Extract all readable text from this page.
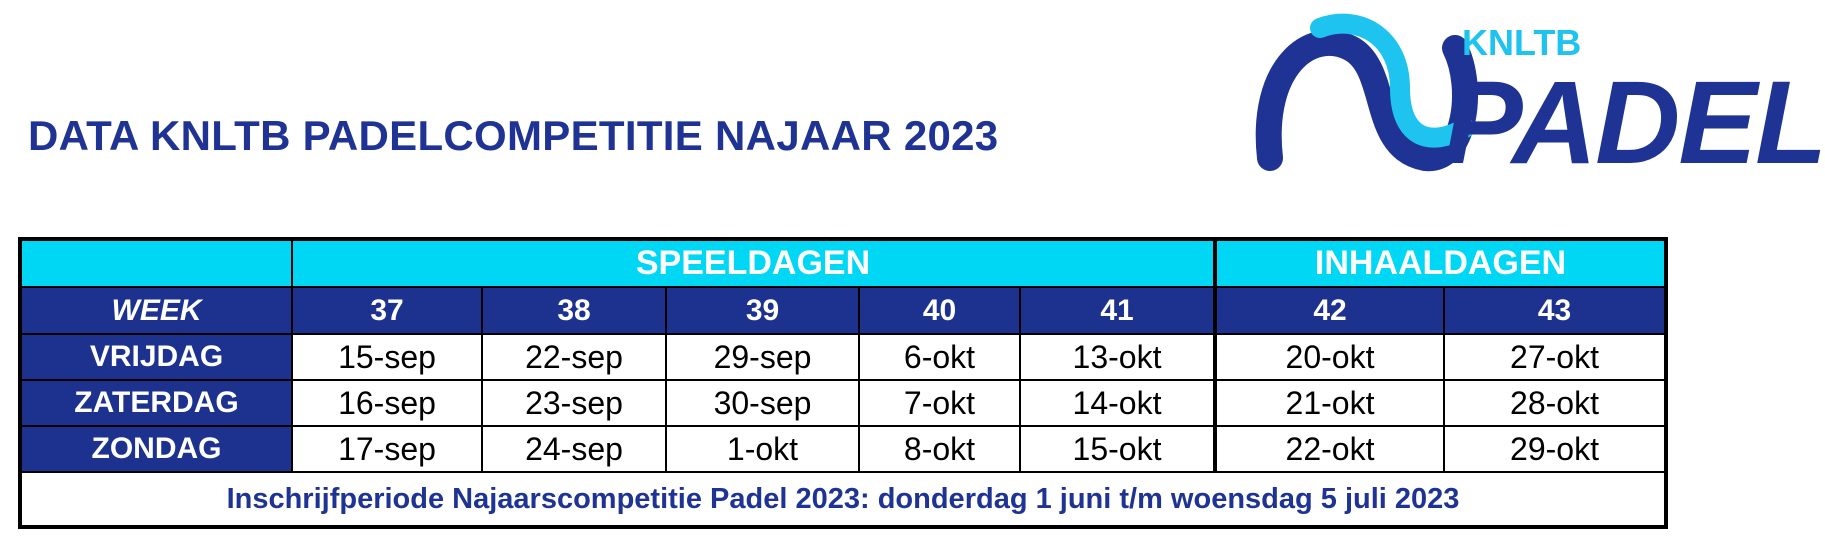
DATA KNLTB PADELCOMPETITIE NAJAAR 2023
KNLTB
PADEL
SPEELDAGEN	INHAALDAGEN
WEEK	37	38	39	40	41	42	43
VRIJDAG	15-sep	22-sep	29-sep	6-okt	13-okt	20-okt	27-okt
ZATERDAG	16-sep	23-sep	30-sep	7-okt	14-okt	21-okt	28-okt
ZONDAG	17-sep	24-sep	1-okt	8-okt	15-okt	22-okt	29-okt
Inschrijfperiode Najaarscompetitie Padel 2023: donderdag 1 juni t/m woensdag 5 juli 2023
